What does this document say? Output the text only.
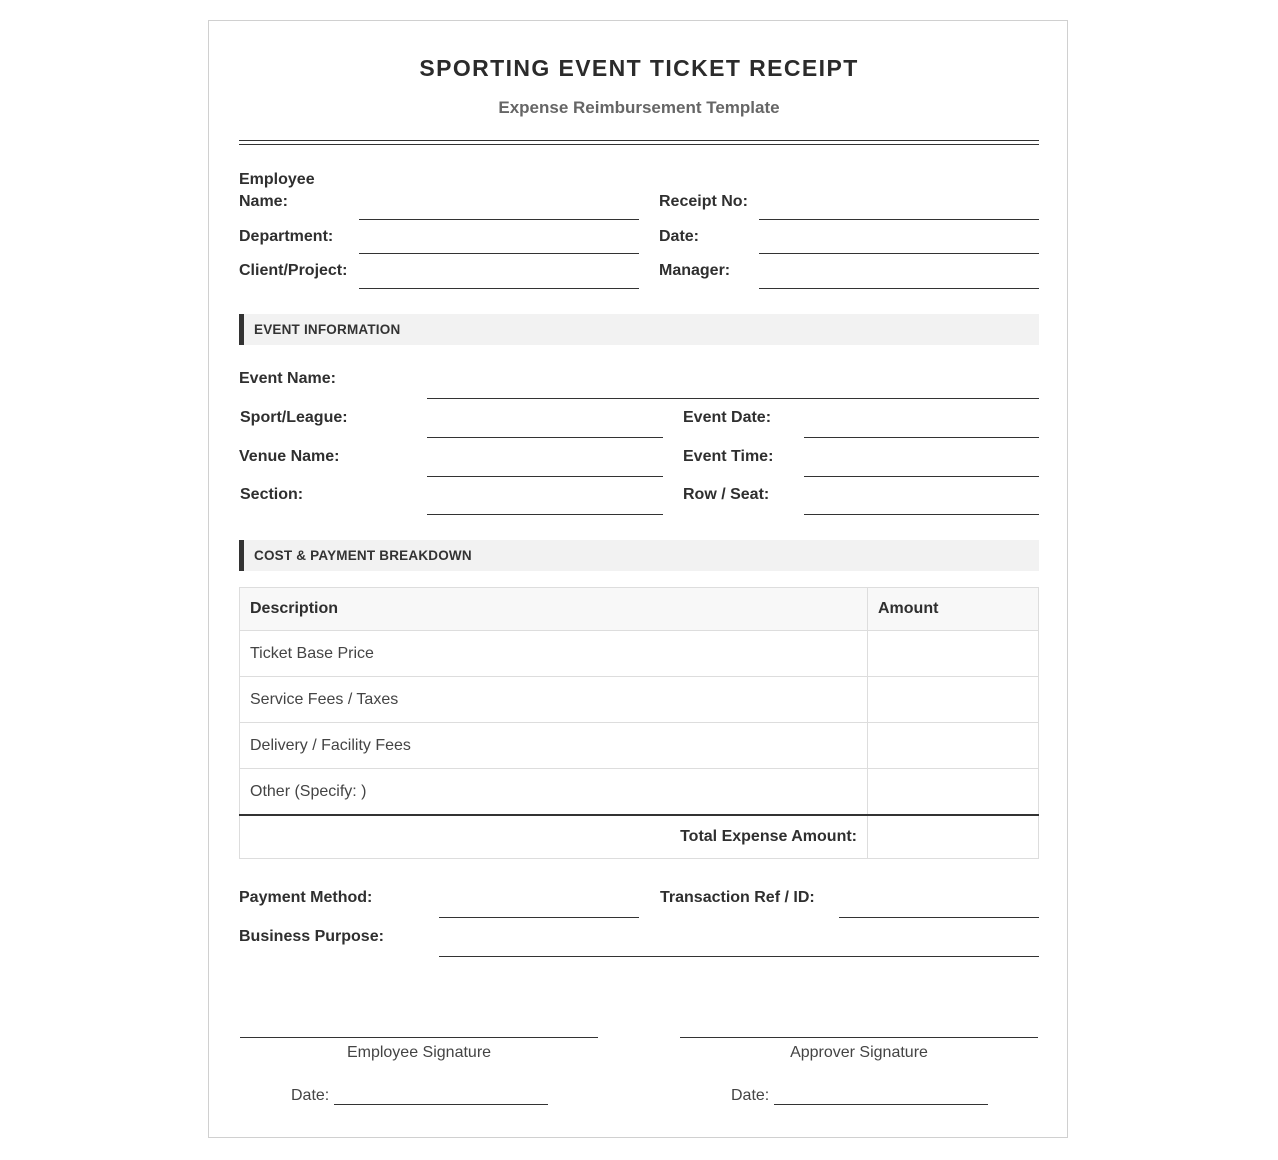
SPORTING EVENT TICKET RECEIPT
Expense Reimbursement Template
Employee
Name:	Receipt No:
Department:	Date:
Client/Project:	Manager:
EVENT INFORMATION
Event Name:
Sport/League:	Event Date:
Venue Name:	Event Time:
Section:	Row / Seat:
COST & PAYMENT BREAKDOWN
Description	Amount
Ticket Base Price	
Service Fees / Taxes	
Delivery / Facility Fees	
Other (Specify: )	
Total Expense Amount:	
Payment Method:	Transaction Ref / ID:
Business Purpose:
Employee Signature	Approver Signature
Date:	Date:
